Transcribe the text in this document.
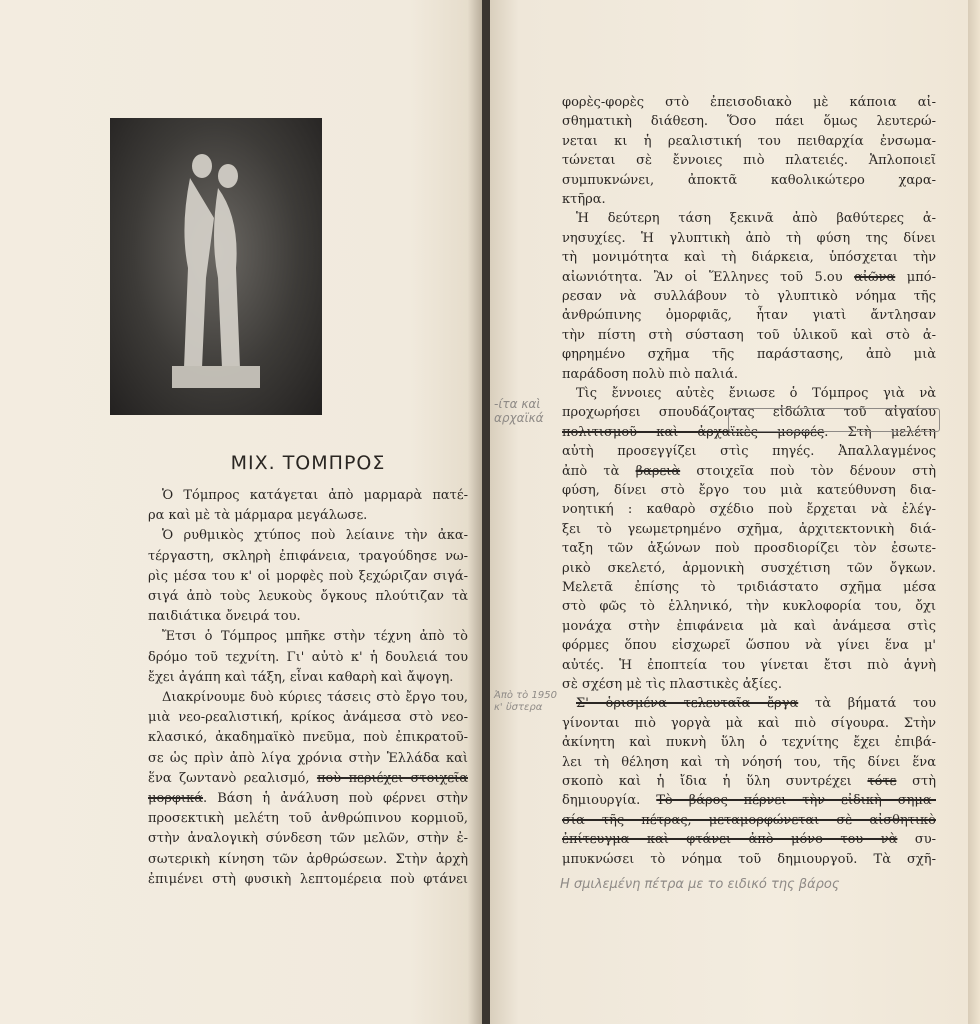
ΜΙΧ. ΤΟΜΠΡΟΣ
Ὁ Τόμπρος κατάγεται ἀπὸ μαρμαρὰ πατέ-
ρα καὶ μὲ τὰ μάρμαρα μεγάλωσε.
Ὁ ρυθμικὸς χτύπος ποὺ λείαινε τὴν ἀκα-
τέργαστη, σκληρὴ ἐπιφάνεια, τραγούδησε νω-
ρὶς μέσα του κ' οἱ μορφὲς ποὺ ξεχώριζαν σιγά-
σιγά ἀπὸ τοὺς λευκοὺς ὄγκους πλούτιζαν τὰ
παιδιάτικα ὄνειρά του.
Ἔτσι ὁ Τόμπρος μπῆκε στὴν τέχνη ἀπὸ τὸ
δρόμο τοῦ τεχνίτη. Γι' αὐτὸ κ' ἡ δουλειά του
ἔχει ἀγάπη καὶ τάξη, εἶναι καθαρὴ καὶ ἄψογη.
Διακρίνουμε δυὸ κύριες τάσεις στὸ ἔργο του,
μιὰ νεο-ρεαλιστική, κρίκος ἀνάμεσα στὸ νεο-
κλασικό, ἀκαδημαϊκὸ πνεῦμα, ποὺ ἐπικρατοῦ-
σε ὡς πρὶν ἀπὸ λίγα χρόνια στὴν Ἑλλάδα καὶ
ἕνα ζωντανὸ ρεαλισμό, ποὺ περιέχει στοιχεῖα
μορφικά. Βάση ἡ ἀνάλυση ποὺ φέρνει στὴν
προσεκτικὴ μελέτη τοῦ ἀνθρώπινου κορμιοῦ,
στὴν ἀναλογικὴ σύνδεση τῶν μελῶν, στὴν ἐ-
σωτερικὴ κίνηση τῶν ἀρθρώσεων. Στὴν ἀρχὴ
ἐπιμένει στὴ φυσικὴ λεπτομέρεια ποὺ φτάνει
φορὲς-φορὲς στὸ ἐπεισοδιακὸ μὲ κάποια αἰ-
σθηματικὴ διάθεση. Ὅσο πάει ὅμως λευτερώ-
νεται κι ἡ ρεαλιστική του πειθαρχία ἐνσωμα-
τώνεται σὲ ἔννοιες πιὸ πλατειές. Ἁπλοποιεῖ
συμπυκνώνει, ἀποκτᾶ καθολικώτερο χαρα-
κτῆρα.
Ἡ δεύτερη τάση ξεκινᾶ ἀπὸ βαθύτερες ἀ-
νησυχίες. Ἡ γλυπτικὴ ἀπὸ τὴ φύση της δίνει
τὴ μονιμότητα καὶ τὴ διάρκεια, ὑπόσχεται τὴν
αἰωνιότητα. Ἂν οἱ Ἕλληνες τοῦ 5.ου αἰῶνα μπό-
ρεσαν νὰ συλλάβουν τὸ γλυπτικὸ νόημα τῆς
ἀνθρώπινης ὀμορφιᾶς, ἦταν γιατὶ ἄντλησαν
τὴν πίστη στὴ σύσταση τοῦ ὑλικοῦ καὶ στὸ ἀ-
φηρημένο σχῆμα τῆς παράστασης, ἀπὸ μιὰ
παράδοση πολὺ πιὸ παλιά.
Τὶς ἔννοιες αὐτὲς ἔνιωσε ὁ Τόμπρος γιὰ νὰ
προχωρήσει σπουδάζοντας εἰδώλια τοῦ αἰγαίου
πολιτισμοῦ καὶ ἀρχαϊκὲς μορφές. Στὴ μελέτη
αὐτὴ προσεγγίζει στὶς πηγές. Ἀπαλλαγμένος
ἀπὸ τὰ βαρειὰ στοιχεῖα ποὺ τὸν δένουν στὴ
φύση, δίνει στὸ ἔργο του μιὰ κατεύθυνση δια-
νοητική : καθαρὸ σχέδιο ποὺ ἔρχεται νὰ ἐλέγ-
ξει τὸ γεωμετρημένο σχῆμα, ἀρχιτεκτονικὴ διά-
ταξη τῶν ἀξώνων ποὺ προσδιορίζει τὸν ἐσωτε-
ρικὸ σκελετό, ἁρμονικὴ συσχέτιση τῶν ὄγκων.
Μελετᾶ ἐπίσης τὸ τριδιάστατο σχῆμα μέσα
στὸ φῶς τὸ ἑλληνικό, τὴν κυκλοφορία του, ὄχι
μονάχα στὴν ἐπιφάνεια μὰ καὶ ἀνάμεσα στὶς
φόρμες ὅπου εἰσχωρεῖ ὥσπου νὰ γίνει ἕνα μ'
αὐτές. Ἡ ἐποπτεία του γίνεται ἔτσι πιὸ ἁγνὴ
σὲ σχέση μὲ τὶς πλαστικὲς ἀξίες.
Σ' ὁρισμένα τελευταῖα ἔργα τὰ βήματά του
γίνονται πιὸ γοργὰ μὰ καὶ πιὸ σίγουρα. Στὴν
ἀκίνητη καὶ πυκνὴ ὕλη ὁ τεχνίτης ἔχει ἐπιβά-
λει τὴ θέληση καὶ τὴ νόησή του, τῆς δίνει ἕνα
σκοπὸ καὶ ἡ ἴδια ἡ ὕλη συντρέχει τότε στὴ
δημιουργία. Τὸ βάρος πέρνει τὴν εἰδικὴ σημα-
σία τῆς πέτρας, μεταμορφώνεται σὲ αἰσθητικὸ
ἐπίτευγμα καὶ φτάνει ἀπὸ μόνο του νὰ συ-
μπυκνώσει τὸ νόημα τοῦ δημιουργοῦ. Τὰ σχῆ-
-ίτα καὶ αρχαϊκά
Ἀπὸ τὸ 1950 κ' ὕστερα
Η σμιλεμένη πέτρα με το ειδικό της βάρος
